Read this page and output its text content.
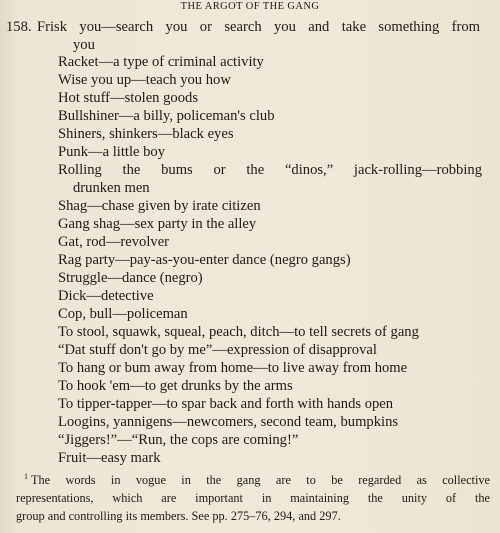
THE ARGOT OF THE GANG
158. Frisk you—search you or search you and take something from
you
Racket—a type of criminal activity
Wise you up—teach you how
Hot stuff—stolen goods
Bullshiner—a billy, policeman's club
Shiners, shinkers—black eyes
Punk—a little boy
Rolling the bums or the “dinos,” jack-rolling—robbing
drunken men
Shag—chase given by irate citizen
Gang shag—sex party in the alley
Gat, rod—revolver
Rag party—pay-as-you-enter dance (negro gangs)
Struggle—dance (negro)
Dick—detective
Cop, bull—policeman
To stool, squawk, squeal, peach, ditch—to tell secrets of gang
“Dat stuff don't go by me”—expression of disapproval
To hang or bum away from home—to live away from home
To hook 'em—to get drunks by the arms
To tipper-tapper—to spar back and forth with hands open
Loogins, yannigens—newcomers, second team, bumpkins
“Jiggers!”—“Run, the cops are coming!”
Fruit—easy mark
$^1$ The words in vogue in the gang are to be regarded as collective
representations, which are important in maintaining the unity of the
group and controlling its members. See pp. 275–76, 294, and 297.
